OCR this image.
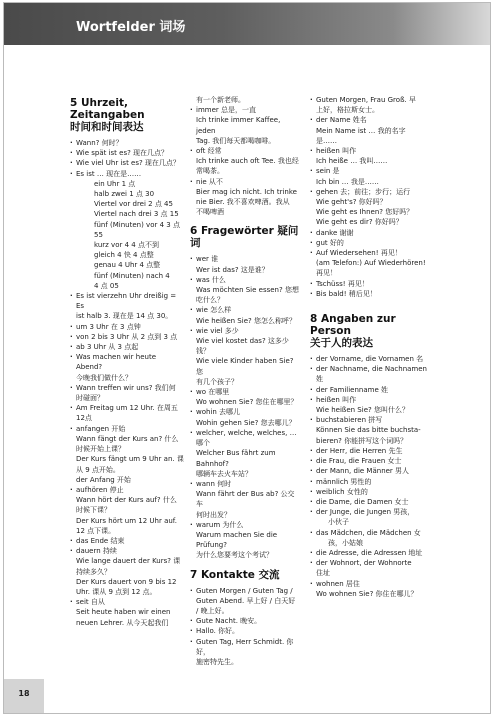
Wortfelder 词场
5 Uhrzeit, Zeitangaben
时间和时间表达
· Wann? 何时？
· Wie spät ist es? 现在几点？
· Wie viel Uhr ist es? 现在几点？
· Es ist … 现在是……
ein Uhr 1 点
halb zwei 1 点 30
Viertel vor drei 2 点 45
Viertel nach drei 3 点 15
fünf (Minuten) vor 4 3 点 55
kurz vor 4 4 点不到
gleich 4 快 4 点整
genau 4 Uhr 4 点整
fünf (Minuten) nach 4
4 点 05
· Es ist vierzehn Uhr dreißig = Es
ist halb 3. 现在是 14 点 30。
· um 3 Uhr 在 3 点钟
· von 2 bis 3 Uhr 从 2 点到 3 点
· ab 3 Uhr 从 3 点起
· Was machen wir heute Abend?
今晚我们做什么？
· Wann treffen wir uns? 我们何
时碰面？
· Am Freitag um 12 Uhr. 在周五
12点
· anfangen 开始
Wann fängt der Kurs an? 什么
时候开始上课？
Der Kurs fängt um 9 Uhr an. 课
从 9 点开始。
der Anfang 开始
· aufhören 停止
Wann hört der Kurs auf? 什么
时候下课？
Der Kurs hört um 12 Uhr auf.
12 点下课。
· das Ende 结束
· dauern 持续
Wie lange dauert der Kurs? 课
持续多久？
Der Kurs dauert von 9 bis 12
Uhr. 课从 9 点到 12 点。
· seit 自从
Seit heute haben wir einen
neuen Lehrer. 从今天起我们
有一个新老师。
· immer 总是，一直
Ich trinke immer Kaffee, jeden
Tag. 我们每天都喝咖啡。
· oft 经常
Ich trinke auch oft Tee. 我也经
常喝茶。
· nie 从不
Bier mag ich nicht. Ich trinke
nie Bier. 我不喜欢啤酒。我从
不喝啤酒
6 Fragewörter 疑问词
· wer 谁
Wer ist das? 这是谁？
· was 什么
Was möchten Sie essen? 您想
吃什么？
· wie 怎么样
Wie heißen Sie? 您怎么称呼？
· wie viel 多少
Wie viel kostet das? 这多少钱？
Wie viele Kinder haben Sie? 您
有几个孩子？
· wo 在哪里
Wo wohnen Sie? 您住在哪里？
· wohin 去哪儿
Wohin gehen Sie? 您去哪儿？
· welcher, welche, welches, …
哪个
Welcher Bus fährt zum Bahnhof?
哪辆车去火车站？
· wann 何时
Wann fährt der Bus ab? 公交车
何时出发？
· warum 为什么
Warum machen Sie die Prüfung?
为什么您要考这个考试？
7 Kontakte 交流
· Guten Morgen / Guten Tag /
Guten Abend. 早上好 / 白天好
/ 晚上好。
· Gute Nacht. 晚安。
· Hallo. 你好。
· Guten Tag, Herr Schmidt. 你好，
施密特先生。
· Guten Morgen, Frau Groß. 早
上好，格拉斯女士。
· der Name 姓名
Mein Name ist … 我的名字
是……
· heißen 叫作
Ich heiße … 我叫……
· sein 是
Ich bin … 我是……
· gehen 去；前往；步行；运行
Wie geht's? 你好吗？
Wie geht es Ihnen? 您好吗？
Wie geht es dir? 你好吗？
· danke 谢谢
· gut 好的
· Auf Wiedersehen! 再见！
(am Telefon:) Auf Wiederhören!
再见！
· Tschüss! 再见！
· Bis bald! 稍后见！
8 Angaben zur Person
关于人的表达
· der Vorname, die Vornamen 名
· der Nachname, die Nachnamen
姓
· der Familienname 姓
· heißen 叫作
Wie heißen Sie? 您叫什么？
· buchstabieren 拼写
Können Sie das bitte buchsta-
bieren? 你能拼写这个词吗？
· der Herr, die Herren 先生
· die Frau, die Frauen 女士
· der Mann, die Männer 男人
· männlich 男性的
· weiblich 女性的
· die Dame, die Damen 女士
· der Junge, die Jungen 男孩，
小伙子
· das Mädchen, die Mädchen 女
孩，小姑娘
· die Adresse, die Adressen 地址
· der Wohnort, der Wohnorte
住址
· wohnen 居住
Wo wohnen Sie? 你住在哪儿？
18
